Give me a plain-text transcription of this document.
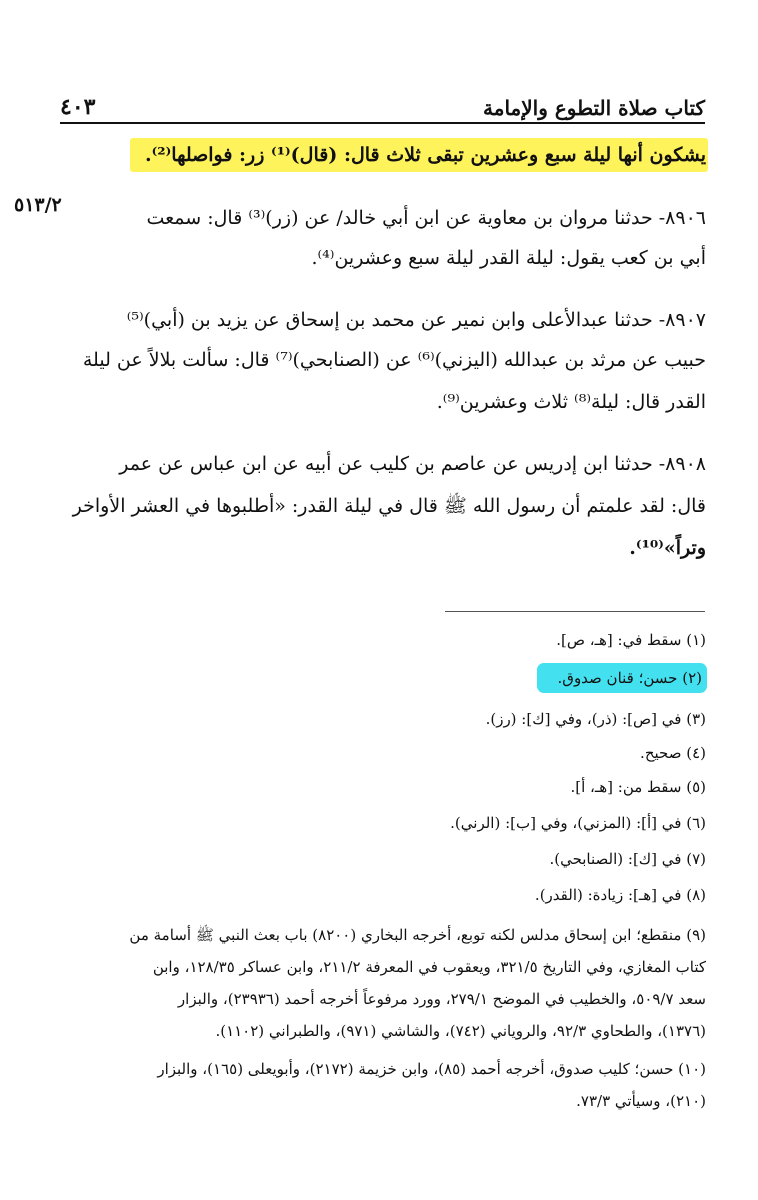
كتاب صلاة التطوع والإمامة
٤٠٣
٥١٣/٢
يشكون أنها ليلة سبع وعشرين تبقى ثلاث قال: (قال)⁽¹⁾ زر: فواصلها⁽²⁾.
٨٩٠٦- حدثنا مروان بن معاوية عن ابن أبي خالد/ عن (زر)⁽³⁾ قال: سمعت
أبي بن كعب يقول: ليلة القدر ليلة سبع وعشرين⁽⁴⁾.
٨٩٠٧- حدثنا عبدالأعلى وابن نمير عن محمد بن إسحاق عن يزيد بن (أبي)⁽⁵⁾
حبيب عن مرثد بن عبدالله (اليزني)⁽⁶⁾ عن (الصنابحي)⁽⁷⁾ قال: سألت بلالاً عن ليلة
القدر قال: ليلة⁽⁸⁾ ثلاث وعشرين⁽⁹⁾.
٨٩٠٨- حدثنا ابن إدريس عن عاصم بن كليب عن أبيه عن ابن عباس عن عمر
قال: لقد علمتم أن رسول الله ﷺ قال في ليلة القدر: «أطلبوها في العشر الأواخر
وتراً»⁽¹⁰⁾.
(١) سقط في: [هـ، ص].
(٢) حسن؛ قنان صدوق.
(٣) في [ص]: (ذر)، وفي [ك]: (رز).
(٤) صحيح.
(٥) سقط من: [هـ، أ].
(٦) في [أ]: (المزني)، وفي [ب]: (الرني).
(٧) في [ك]: (الصنابحي).
(٨) في [هـ]: زيادة: (القدر).
(٩) منقطع؛ ابن إسحاق مدلس لكنه توبع، أخرجه البخاري (٨٢٠٠) باب بعث النبي ﷺ أسامة من
كتاب المغازي، وفي التاريخ ٣٢١/٥، ويعقوب في المعرفة ٢١١/٢، وابن عساكر ١٢٨/٣٥، وابن
سعد ٥٠٩/٧، والخطيب في الموضح ٢٧٩/١، وورد مرفوعاً أخرجه أحمد (٢٣٩٣٦)، والبزار
(١٣٧٦)، والطحاوي ٩٢/٣، والروياني (٧٤٢)، والشاشي (٩٧١)، والطبراني (١١٠٢).
(١٠) حسن؛ كليب صدوق، أخرجه أحمد (٨٥)، وابن خزيمة (٢١٧٢)، وأبويعلى (١٦٥)، والبزار
(٢١٠)، وسيأتي ٧٣/٣.
